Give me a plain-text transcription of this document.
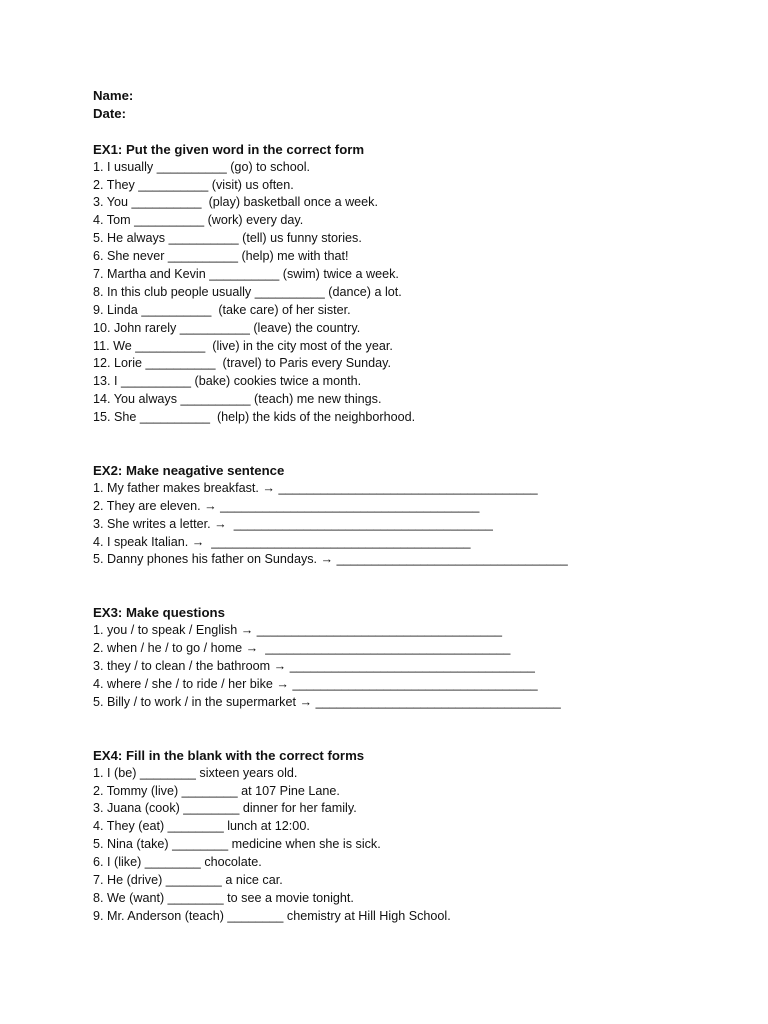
Name:

Date:

EX1: Put the given word in the correct form

1. I usually __________ (go) to school.

2. They __________ (visit) us often.

3. You __________  (play) basketball once a week.

4. Tom __________ (work) every day.

5. He always __________ (tell) us funny stories.

6. She never __________ (help) me with that!

7. Martha and Kevin __________ (swim) twice a week.

8. In this club people usually __________ (dance) a lot.

9. Linda __________  (take care) of her sister.

10. John rarely __________ (leave) the country.

11. We __________  (live) in the city most of the year.

12. Lorie __________  (travel) to Paris every Sunday.

13. I __________ (bake) cookies twice a month.

14. You always __________ (teach) me new things.

15. She __________  (help) the kids of the neighborhood.

EX2: Make neagative sentence

1. My father makes breakfast. → _____________________________________

2. They are eleven. → _____________________________________

3. She writes a letter. →  _____________________________________

4. I speak Italian. →  _____________________________________

5. Danny phones his father on Sundays. → _________________________________

EX3: Make questions

1. you / to speak / English → ___________________________________

2. when / he / to go / home →  ___________________________________

3. they / to clean / the bathroom → ___________________________________

4. where / she / to ride / her bike → ___________________________________

5. Billy / to work / in the supermarket → ___________________________________

EX4: Fill in the blank with the correct forms

1. I (be) ________ sixteen years old.

2. Tommy (live) ________ at 107 Pine Lane.

3. Juana (cook) ________ dinner for her family.

4. They (eat) ________ lunch at 12:00.

5. Nina (take) ________ medicine when she is sick.

6. I (like) ________ chocolate.

7. He (drive) ________ a nice car.

8. We (want) ________ to see a movie tonight.

9. Mr. Anderson (teach) ________ chemistry at Hill High School.
